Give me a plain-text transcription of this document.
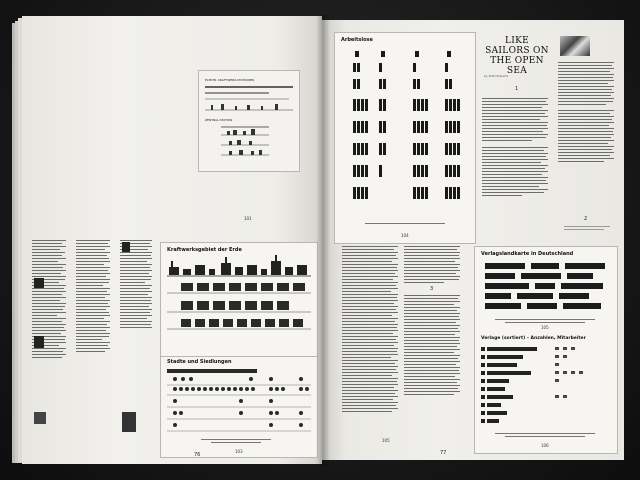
ELEKTR. KRAFTWERK-STATIONEN
ZENTRAL-STATION
101
Kraftwerksgebiet der Erde
Stadte und Siedlungen
103
76
Arbeitslose
104
LIKE SAILORS ON THE OPEN SEA
by Ruth Roberts
1
2
3
105
Verlagslandkarte in Deutschland
Verlage (sortiert) – Anzahlen, Mitarbeiter
105
106
77
